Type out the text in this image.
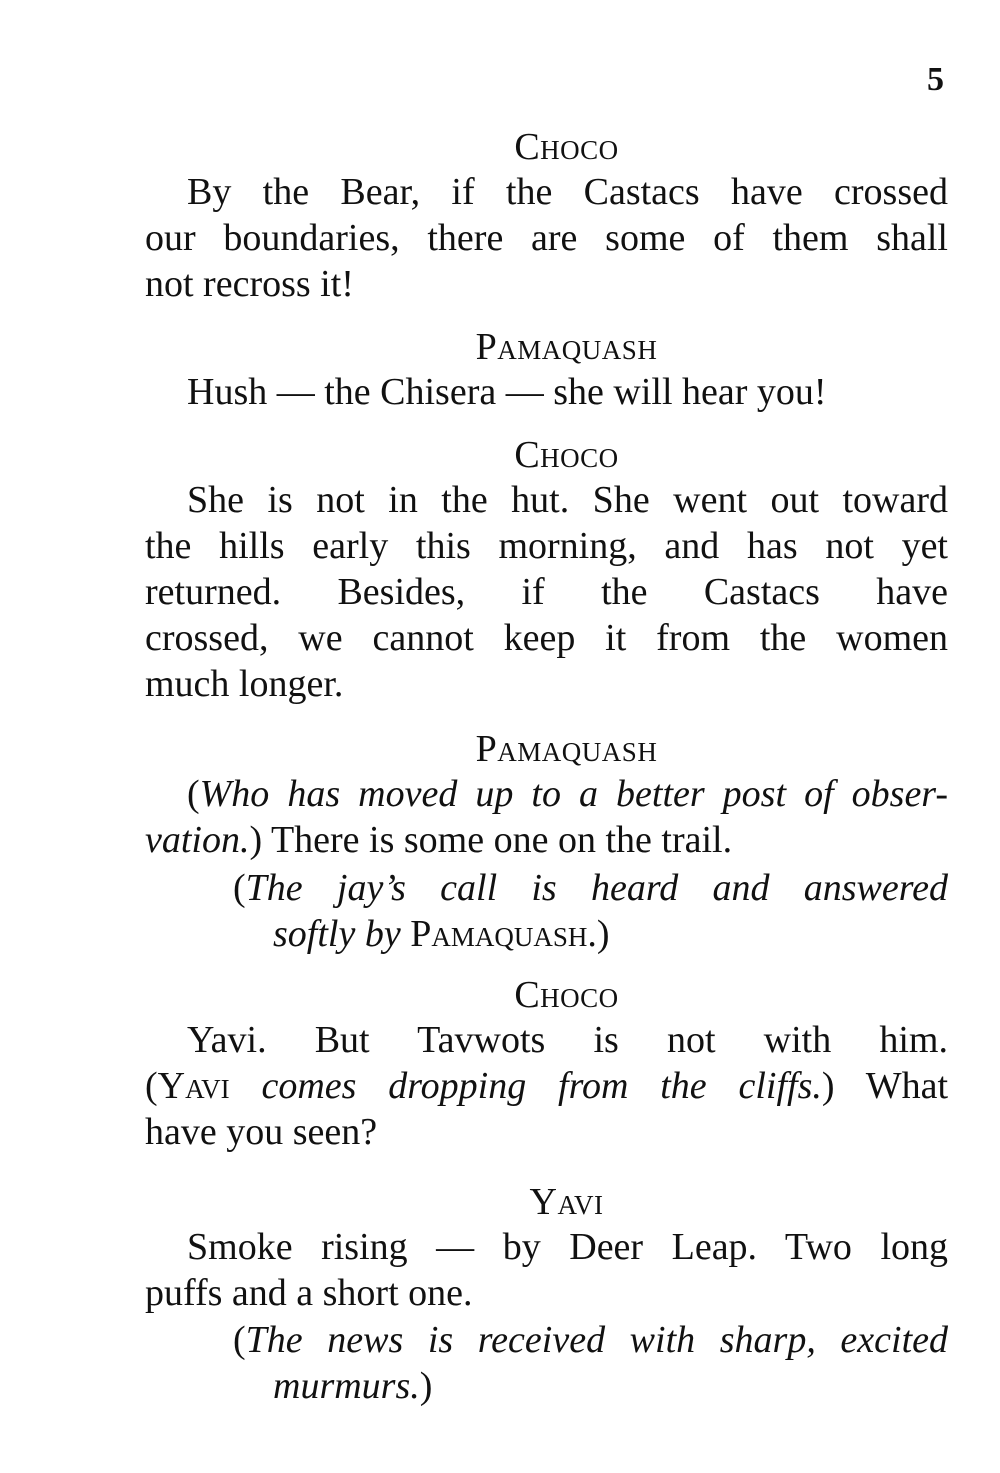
5
Choco
By the Bear, if the Castacs have crossed
our boundaries, there are some of them shall
not recross it!
Pamaquash
Hush — the Chisera — she will hear you!
Choco
She is not in the hut. She went out toward
the hills early this morning, and has not yet
returned. Besides, if the Castacs have
crossed, we cannot keep it from the women
much longer.
Pamaquash
(Who has moved up to a better post of obser-
vation.) There is some one on the trail.
(The jay’s call is heard and answered
softly by Pamaquash.)
Choco
Yavi. But Tavwots is not with him.
(Yavi comes dropping from the cliffs.) What
have you seen?
Yavi
Smoke rising — by Deer Leap. Two long
puffs and a short one.
(The news is received with sharp, excited
murmurs.)
